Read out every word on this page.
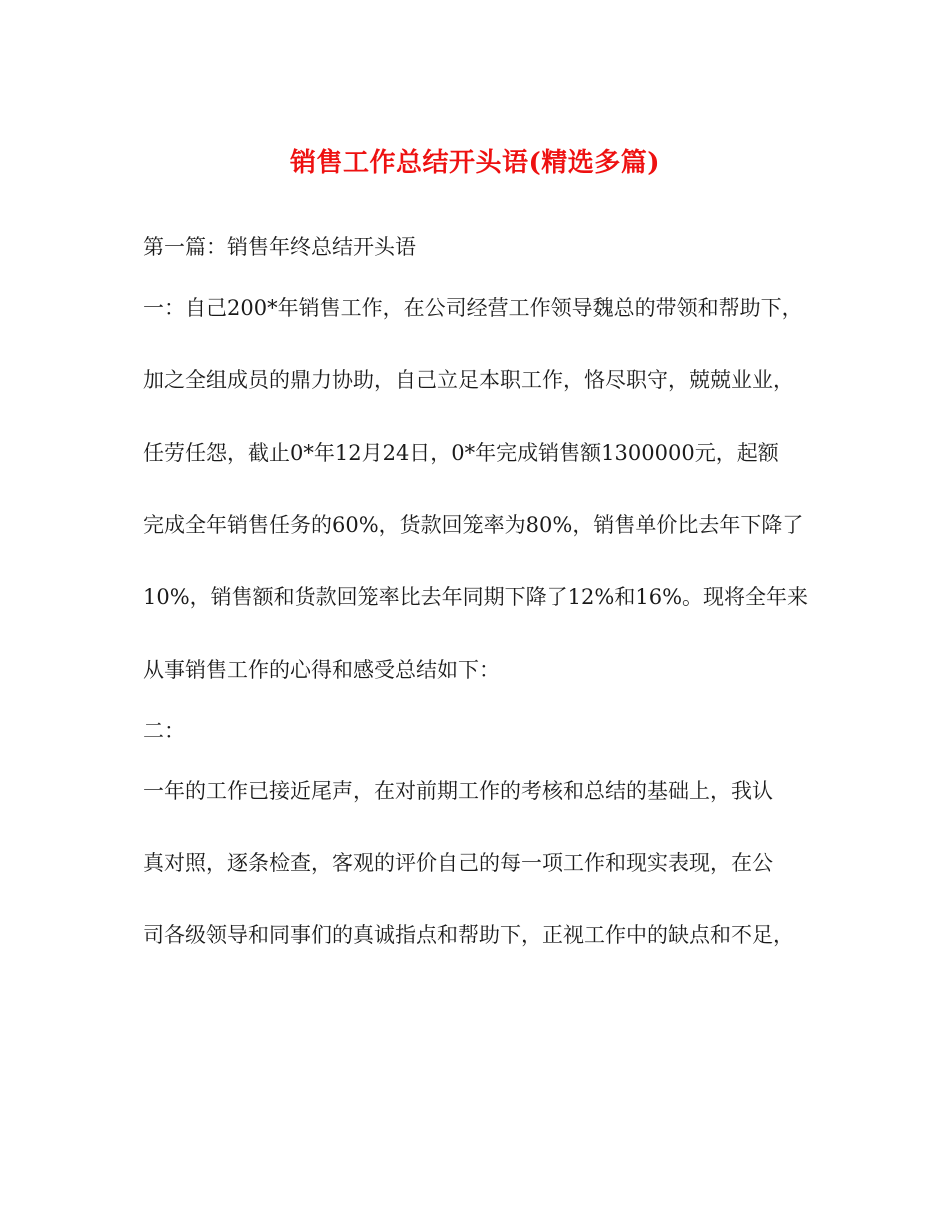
销售工作总结开头语(精选多篇)
第一篇：销售年终总结开头语
一：自己200*年销售工作，在公司经营工作领导魏总的带领和帮助下，
加之全组成员的鼎力协助，自己立足本职工作，恪尽职守，兢兢业业，
任劳任怨，截止0*年12月24日，0*年完成销售额1300000元，起额
完成全年销售任务的60%，货款回笼率为80%，销售单价比去年下降了
10%，销售额和货款回笼率比去年同期下降了12%和16%。现将全年来
从事销售工作的心得和感受总结如下：
二：
一年的工作已接近尾声，在对前期工作的考核和总结的基础上，我认
真对照，逐条检查，客观的评价自己的每一项工作和现实表现，在公
司各级领导和同事们的真诚指点和帮助下，正视工作中的缺点和不足，
